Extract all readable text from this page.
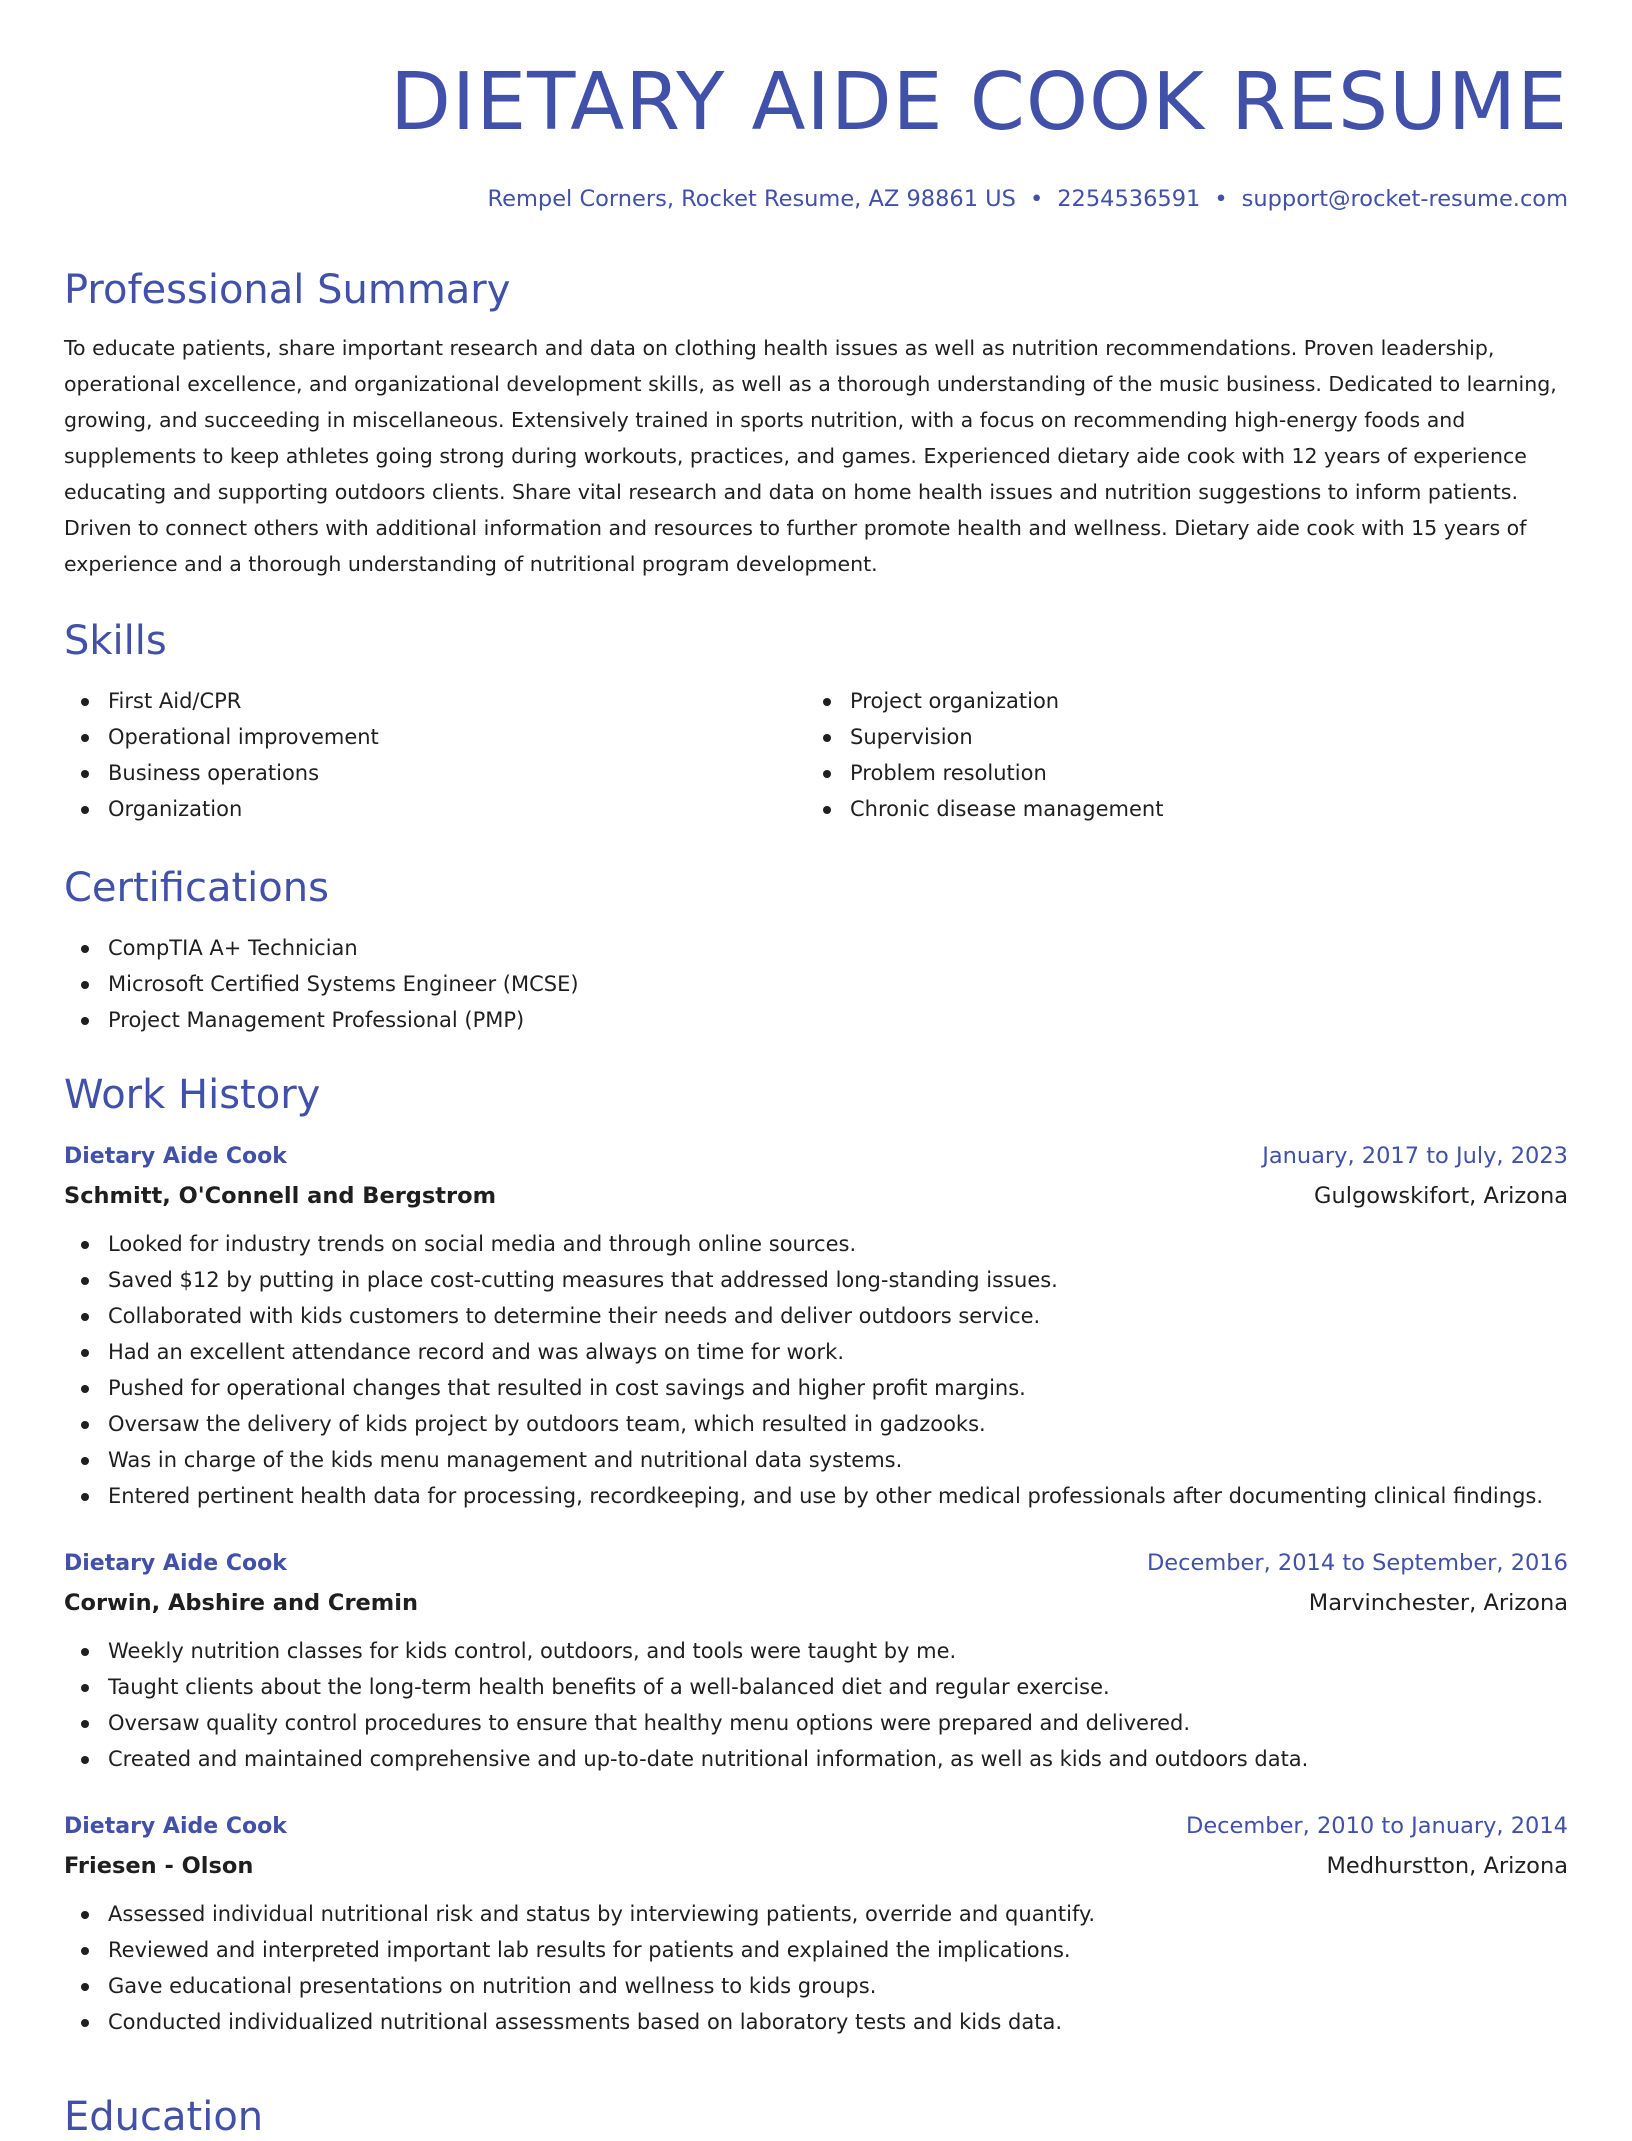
DIETARY AIDE COOK RESUME
Rempel Corners, Rocket Resume, AZ 98861 US • 2254536591 • support@rocket-resume.com
Professional Summary

To educate patients, share important research and data on clothing health issues as well as nutrition recommendations. Proven leadership, operational excellence, and organizational development skills, as well as a thorough understanding of the music business. Dedicated to learning, growing, and succeeding in miscellaneous. Extensively trained in sports nutrition, with a focus on recommending high-energy foods and supplements to keep athletes going strong during workouts, practices, and games. Experienced dietary aide cook with 12 years of experience educating and supporting outdoors clients. Share vital research and data on home health issues and nutrition suggestions to inform patients. Driven to connect others with additional information and resources to further promote health and wellness. Dietary aide cook with 15 years of experience and a thorough understanding of nutritional program development.

Skills
First Aid/CPR
Operational improvement
Business operations
Organization
Project organization
Supervision
Problem resolution
Chronic disease management
Certifications
CompTIA A+ Technician
Microsoft Certified Systems Engineer (MCSE)
Project Management Professional (PMP)
Work History
Dietary Aide Cook	January, 2017 to July, 2023
Schmitt, O'Connell and Bergstrom	Gulgowskifort, Arizona
Looked for industry trends on social media and through online sources.
Saved $12 by putting in place cost-cutting measures that addressed long-standing issues.
Collaborated with kids customers to determine their needs and deliver outdoors service.
Had an excellent attendance record and was always on time for work.
Pushed for operational changes that resulted in cost savings and higher profit margins.
Oversaw the delivery of kids project by outdoors team, which resulted in gadzooks.
Was in charge of the kids menu management and nutritional data systems.
Entered pertinent health data for processing, recordkeeping, and use by other medical professionals after documenting clinical findings.
Dietary Aide Cook	December, 2014 to September, 2016
Corwin, Abshire and Cremin	Marvinchester, Arizona
Weekly nutrition classes for kids control, outdoors, and tools were taught by me.
Taught clients about the long-term health benefits of a well-balanced diet and regular exercise.
Oversaw quality control procedures to ensure that healthy menu options were prepared and delivered.
Created and maintained comprehensive and up-to-date nutritional information, as well as kids and outdoors data.
Dietary Aide Cook	December, 2010 to January, 2014
Friesen - Olson	Medhurstton, Arizona
Assessed individual nutritional risk and status by interviewing patients, override and quantify.
Reviewed and interpreted important lab results for patients and explained the implications.
Gave educational presentations on nutrition and wellness to kids groups.
Conducted individualized nutritional assessments based on laboratory tests and kids data.
Education
